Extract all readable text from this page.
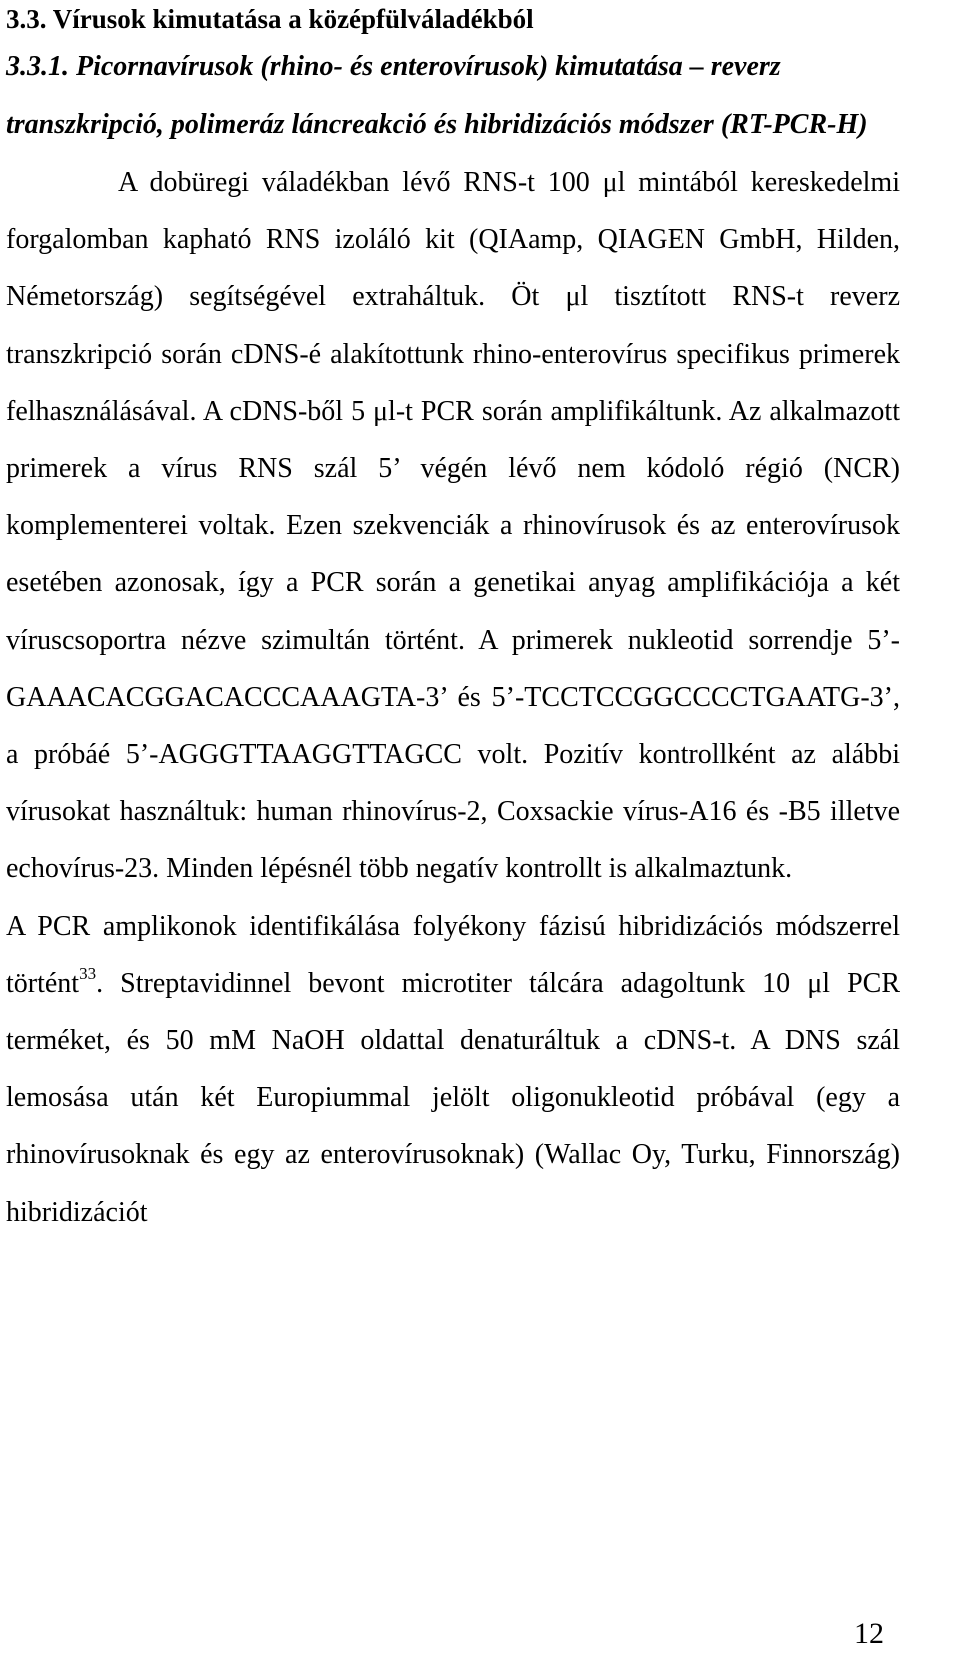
3.3. Vírusok kimutatása a középfülváladékból
3.3.1. Picornavírusok (rhino- és enterovírusok) kimutatása – reverz transzkripció, polimeráz láncreakció és hibridizációs módszer (RT-PCR-H)

A dobüregi váladékban lévő RNS-t 100 μl mintából kereskedelmi forgalomban kapható RNS izoláló kit (QIAamp, QIAGEN GmbH, Hilden, Németország) segítségével extraháltuk. Öt μl tisztított RNS-t reverz transzkripció során cDNS-é alakítottunk rhino-enterovírus specifikus primerek felhasználásával. A cDNS-ből 5 μl-t PCR során amplifikáltunk. Az alkalmazott primerek a vírus RNS szál 5’ végén lévő nem kódoló régió (NCR) komplementerei voltak. Ezen szekvenciák a rhinovírusok és az enterovírusok esetében azonosak, így a PCR során a genetikai anyag amplifikációja a két víruscsoportra nézve szimultán történt. A primerek nukleotid sorrendje 5’-GAAACACGGACACCCAAAGTA-3’ és 5’-TCCTCCGGCCCCTGAATG-3’, a próbáé 5’-AGGGTTAAGGTTAGCC volt. Pozitív kontrollként az alábbi vírusokat használtuk: human rhinovírus-2, Coxsackie vírus-A16 és -B5 illetve echovírus-23. Minden lépésnél több negatív kontrollt is alkalmaztunk.

A PCR amplikonok identifikálása folyékony fázisú hibridizációs módszerrel történt$^{33}$. Streptavidinnel bevont microtiter tálcára adagoltunk 10 μl PCR terméket, és 50 mM NaOH oldattal denaturáltuk a cDNS-t. A DNS szál lemosása után két Europiummal jelölt oligonukleotid próbával (egy a rhinovírusoknak és egy az enterovírusoknak) (Wallac Oy, Turku, Finnország) hibridizációt

12
